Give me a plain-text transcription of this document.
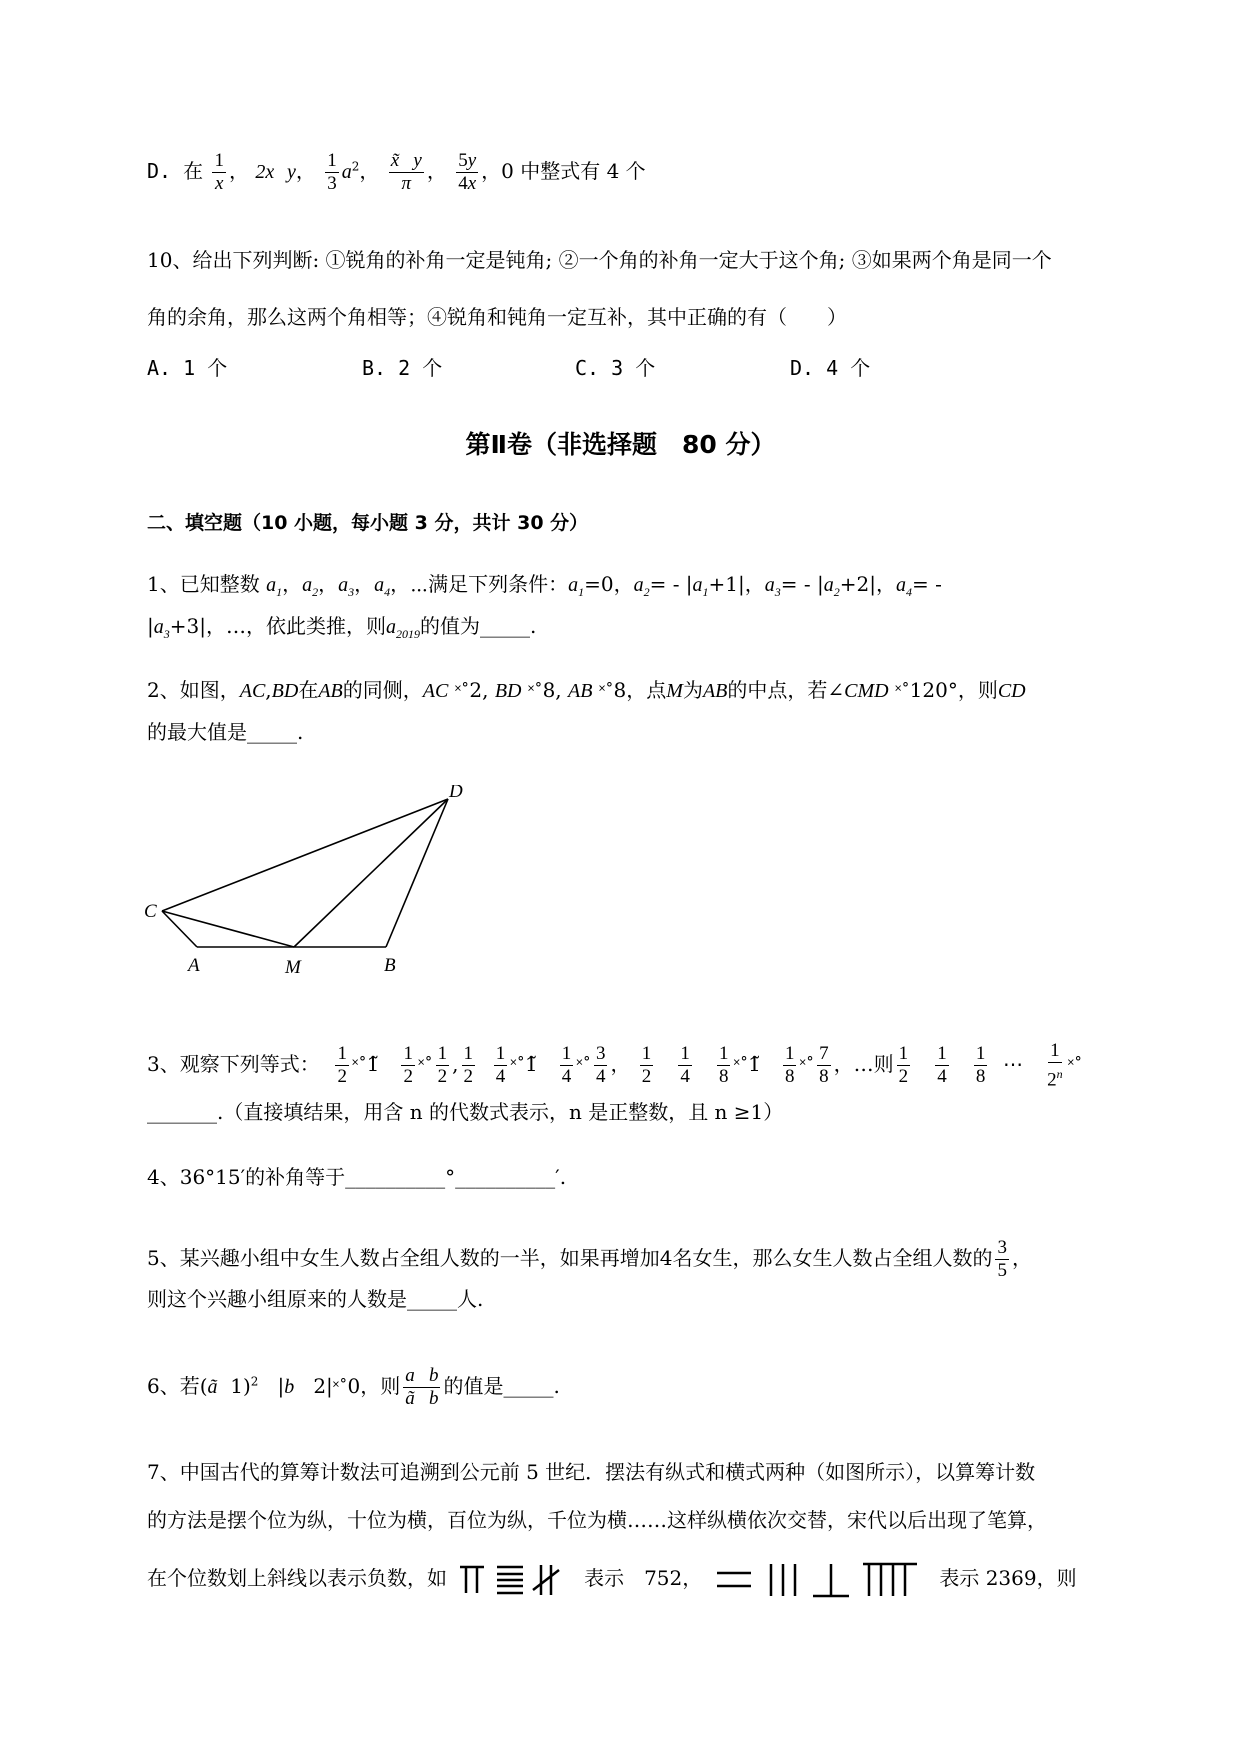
D. 在 $\frac{1}{x}$ ， 2x y， $\frac{1}{3} a^2$， $\frac{x̃ y}{\pi}$ ， $\frac{5y}{4x}$ ，0 中整式有 4 个
10、给出下列判断: ①锐角的补角一定是钝角; ②一个角的补角一定大于这个角; ③如果两个角是同一个
角的余角，那么这两个角相等；④锐角和钝角一定互补，其中正确的有（　　）
A. 1 个	B. 2 个	C. 3 个	D. 4 个
第Ⅱ卷（非选择题　80 分）
二、填空题（10 小题，每小题 3 分，共计 30 分）
1、已知整数 $a_1$，$a_2$，$a_3$，$a_4$，⋯满足下列条件：$a_1=0$，$a_2= - |a_1+1|$，$a_3= - |a_2+2|$，$a_4=$ -
$|a_3+3|$，…，依此类推，则$a_{2019}$的值为_____.
2、如图，AC,BD在AB的同侧，AC ˟˚2, BD ˟˚8, AB ˟˚8，点M为AB的中点，若∠CMD ˟˚120°，则CD
的最大值是_____.
C
A	M	B
D
3、观察下列等式： $\frac{1}{2}$ ˟˚1̃ $\frac{1}{2}$ ˟˚ $\frac{1}{2}$ , $\frac{1}{2}$
$\frac{1}{4}$ ˟˚1̃ $\frac{1}{4}$ ˟˚ $\frac{3}{4}$ ， $\frac{1}{2}$
$\frac{1}{4}$
$\frac{1}{8}$ ˟˚1̃ $\frac{1}{8}$ ˟˚ $\frac{7}{8}$ ，…则 $\frac{1}{2}$
$\frac{1}{4}$
$\frac{1}{8}$ ⋯ $\frac{1}{2^n}$ ˟˚
_______.（直接填结果，用含 n 的代数式表示，n 是正整数，且 n ≥1）
4、36°15′的补角等于__________°__________′.
5、某兴趣小组中女生人数占全组人数的一半，如果再增加4名女生，那么女生人数占全组人数的 $\frac{3}{5}$ ，
则这个兴趣小组原来的人数是_____人.
6、若(ã  1)$^2$   |b   2|˟˚0，则 $\frac{\text{a b}}{\text{ã b}}$ 的值是_____.
7、中国古代的算筹计数法可追溯到公元前 5 世纪．摆法有纵式和横式两种（如图所示），以算筹计数
的方法是摆个位为纵，十位为横，百位为纵，千位为横……这样纵横依次交替，宋代以后出现了笔算，
在个位数划上斜线以表示负数，如	表示　752，	表示 2369，则
